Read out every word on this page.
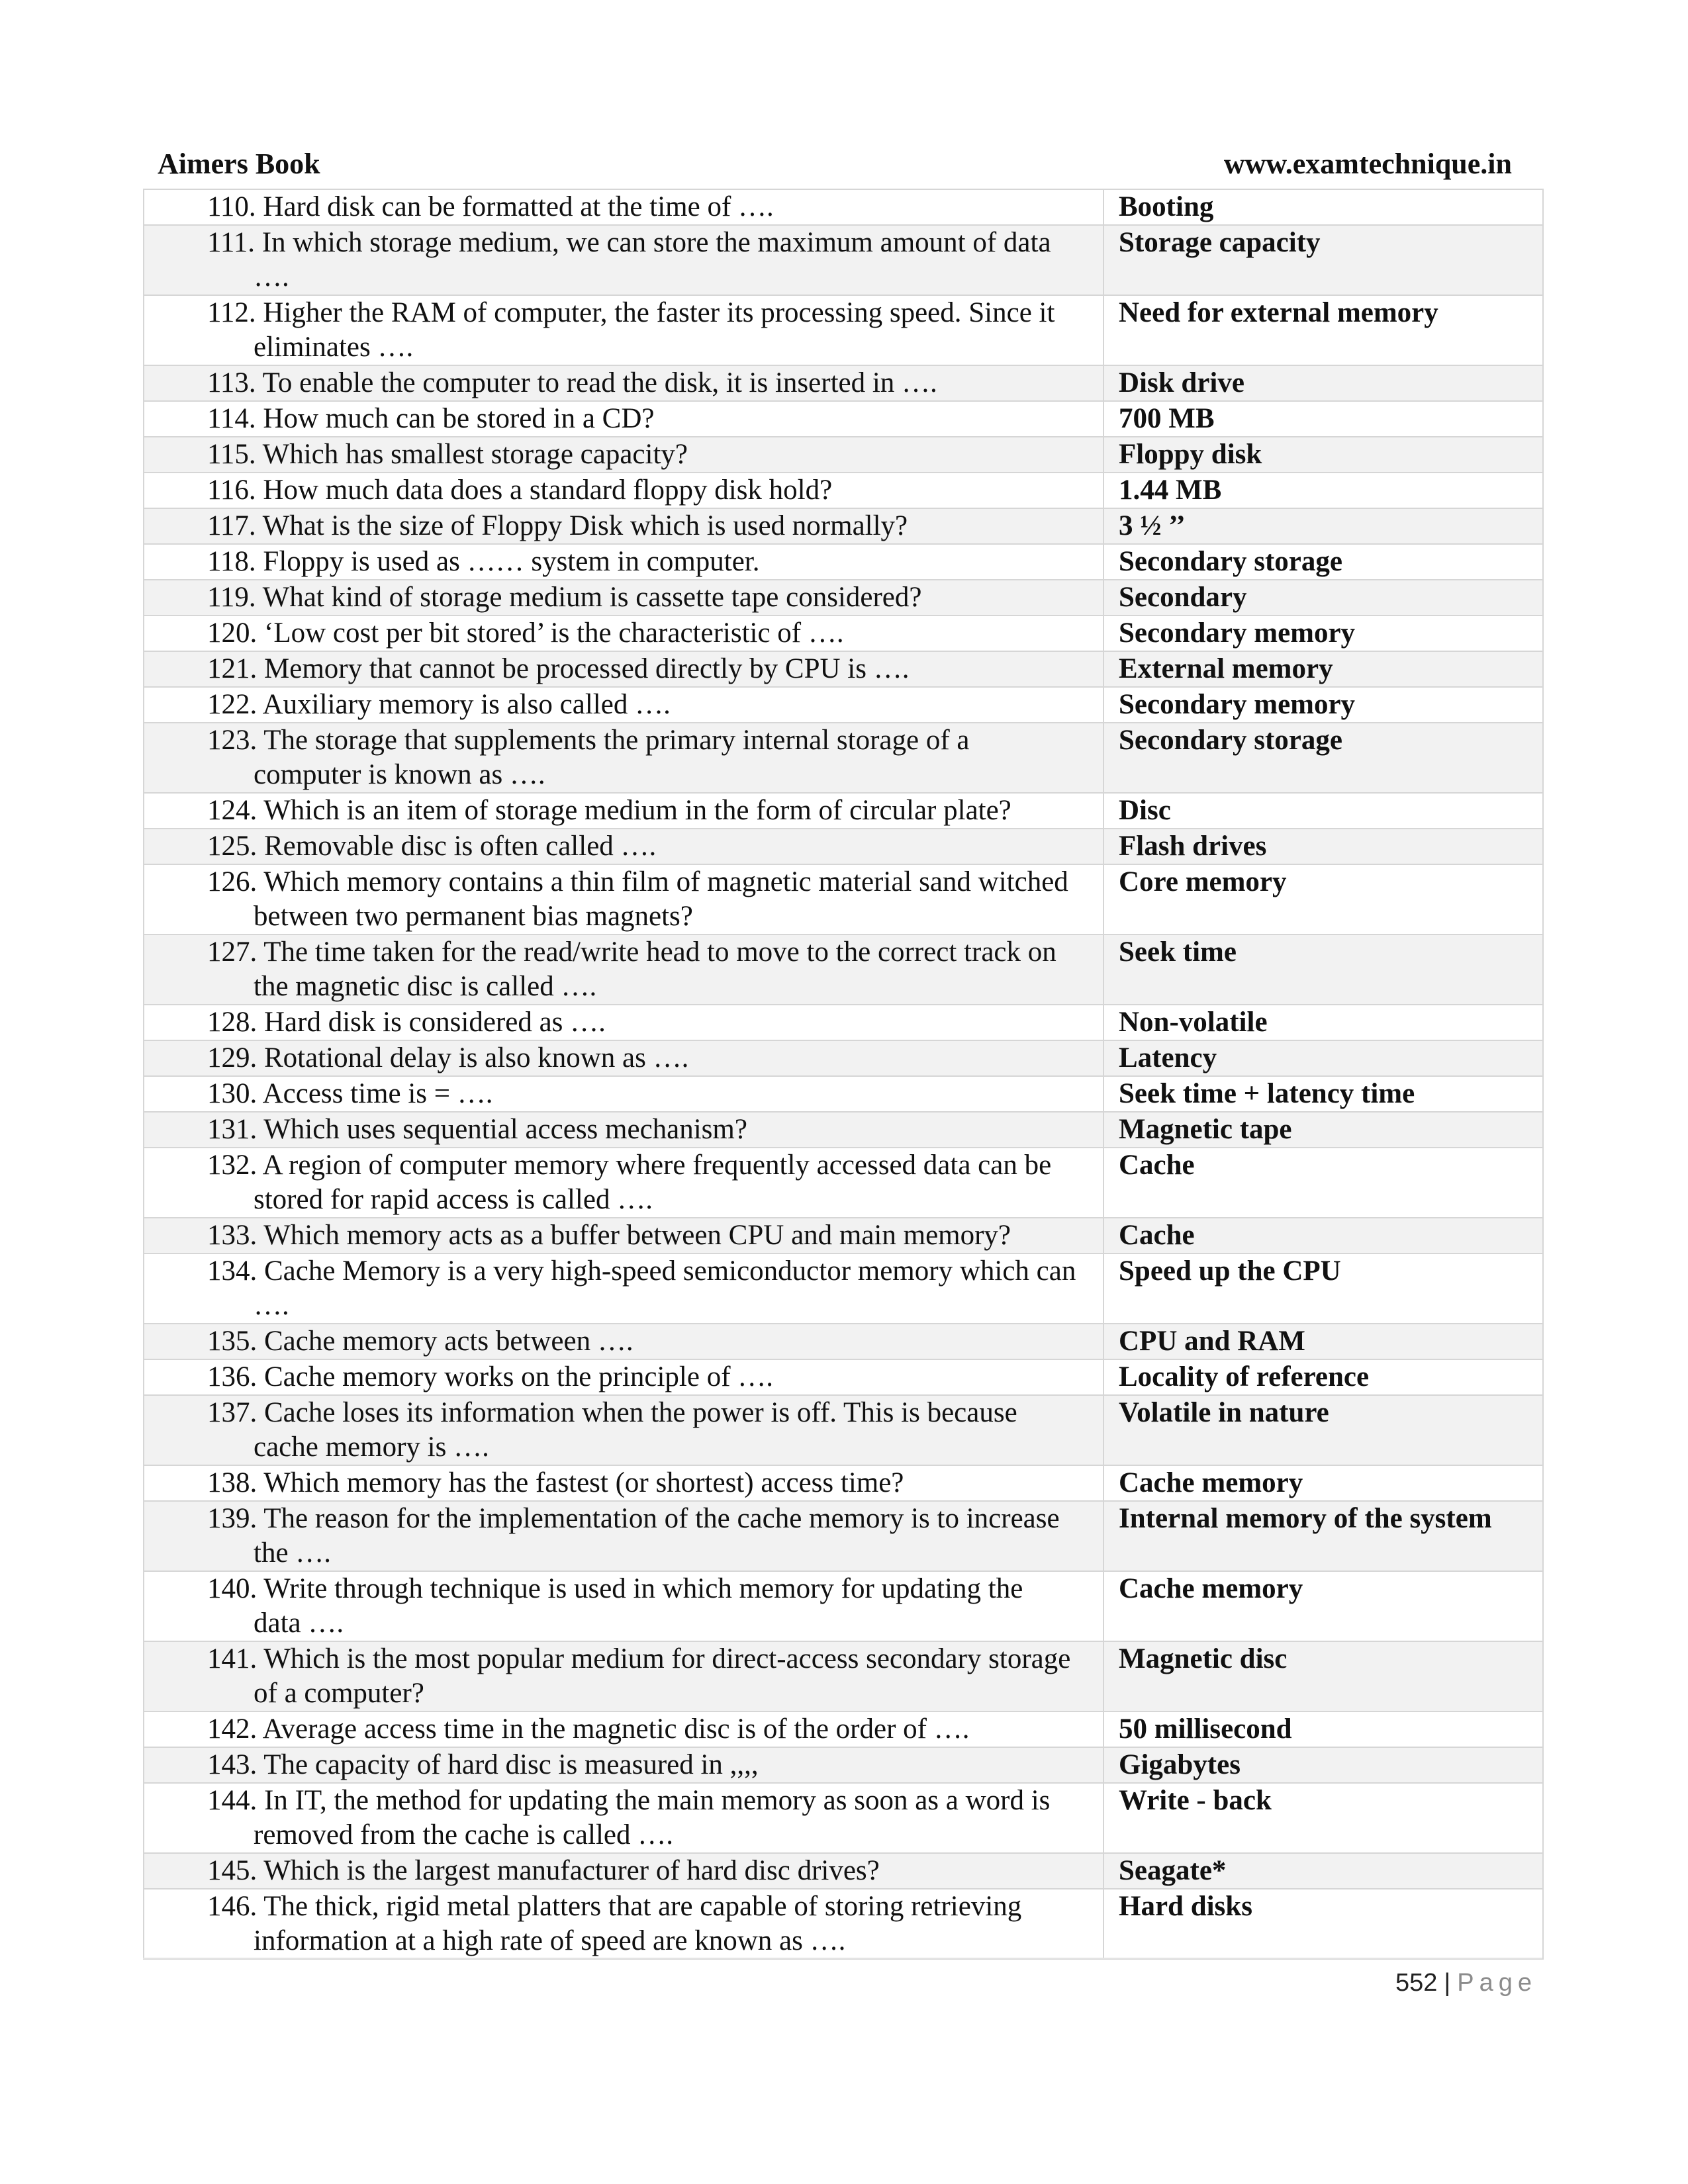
Aimers Book	www.examtechnique.in
110. Hard disk can be formatted at the time of ….	Booting

111. In which storage medium, we can store the maximum amount of data ….	Storage capacity

112. Higher the RAM of computer, the faster its processing speed. Since it eliminates ….	Need for external memory

113. To enable the computer to read the disk, it is inserted in ….	Disk drive

114. How much can be stored in a CD?	700 MB

115. Which has smallest storage capacity?	Floppy disk

116. How much data does a standard floppy disk hold?	1.44 MB

117. What is the size of Floppy Disk which is used normally?	3 ½ ’’

118. Floppy is used as …… system in computer.	Secondary storage

119. What kind of storage medium is cassette tape considered?	Secondary

120. ‘Low cost per bit stored’ is the characteristic of ….	Secondary memory

121. Memory that cannot be processed directly by CPU is ….	External memory

122. Auxiliary memory is also called ….	Secondary memory

123. The storage that supplements the primary internal storage of a computer is known as ….	Secondary storage

124. Which is an item of storage medium in the form of circular plate?	Disc

125. Removable disc is often called ….	Flash drives

126. Which memory contains a thin film of magnetic material sand witched between two permanent bias magnets?	Core memory

127. The time taken for the read/write head to move to the correct track on the magnetic disc is called ….	Seek time

128. Hard disk is considered as ….	Non-volatile

129. Rotational delay is also known as ….	Latency

130. Access time is = ….	Seek time + latency time

131. Which uses sequential access mechanism?	Magnetic tape

132. A region of computer memory where frequently accessed data can be stored for rapid access is called ….	Cache

133. Which memory acts as a buffer between CPU and main memory?	Cache

134. Cache Memory is a very high-speed semiconductor memory which can ….	Speed up the CPU

135. Cache memory acts between ….	CPU and RAM

136. Cache memory works on the principle of ….	Locality of reference

137. Cache loses its information when the power is off. This is because cache memory is ….	Volatile in nature

138. Which memory has the fastest (or shortest) access time?	Cache memory

139. The reason for the implementation of the cache memory is to increase the ….	Internal memory of the system

140. Write through technique is used in which memory for updating the data ….	Cache memory

141. Which is the most popular medium for direct-access secondary storage of a computer?	Magnetic disc

142. Average access time in the magnetic disc is of the order of ….	50 millisecond

143. The capacity of hard disc is measured in ,,,,	Gigabytes

144. In IT, the method for updating the main memory as soon as a word is removed from the cache is called ….	Write - back

145. Which is the largest manufacturer of hard disc drives?	Seagate*

146. The thick, rigid metal platters that are capable of storing retrieving information at a high rate of speed are known as ….	Hard disks
552 | Page
